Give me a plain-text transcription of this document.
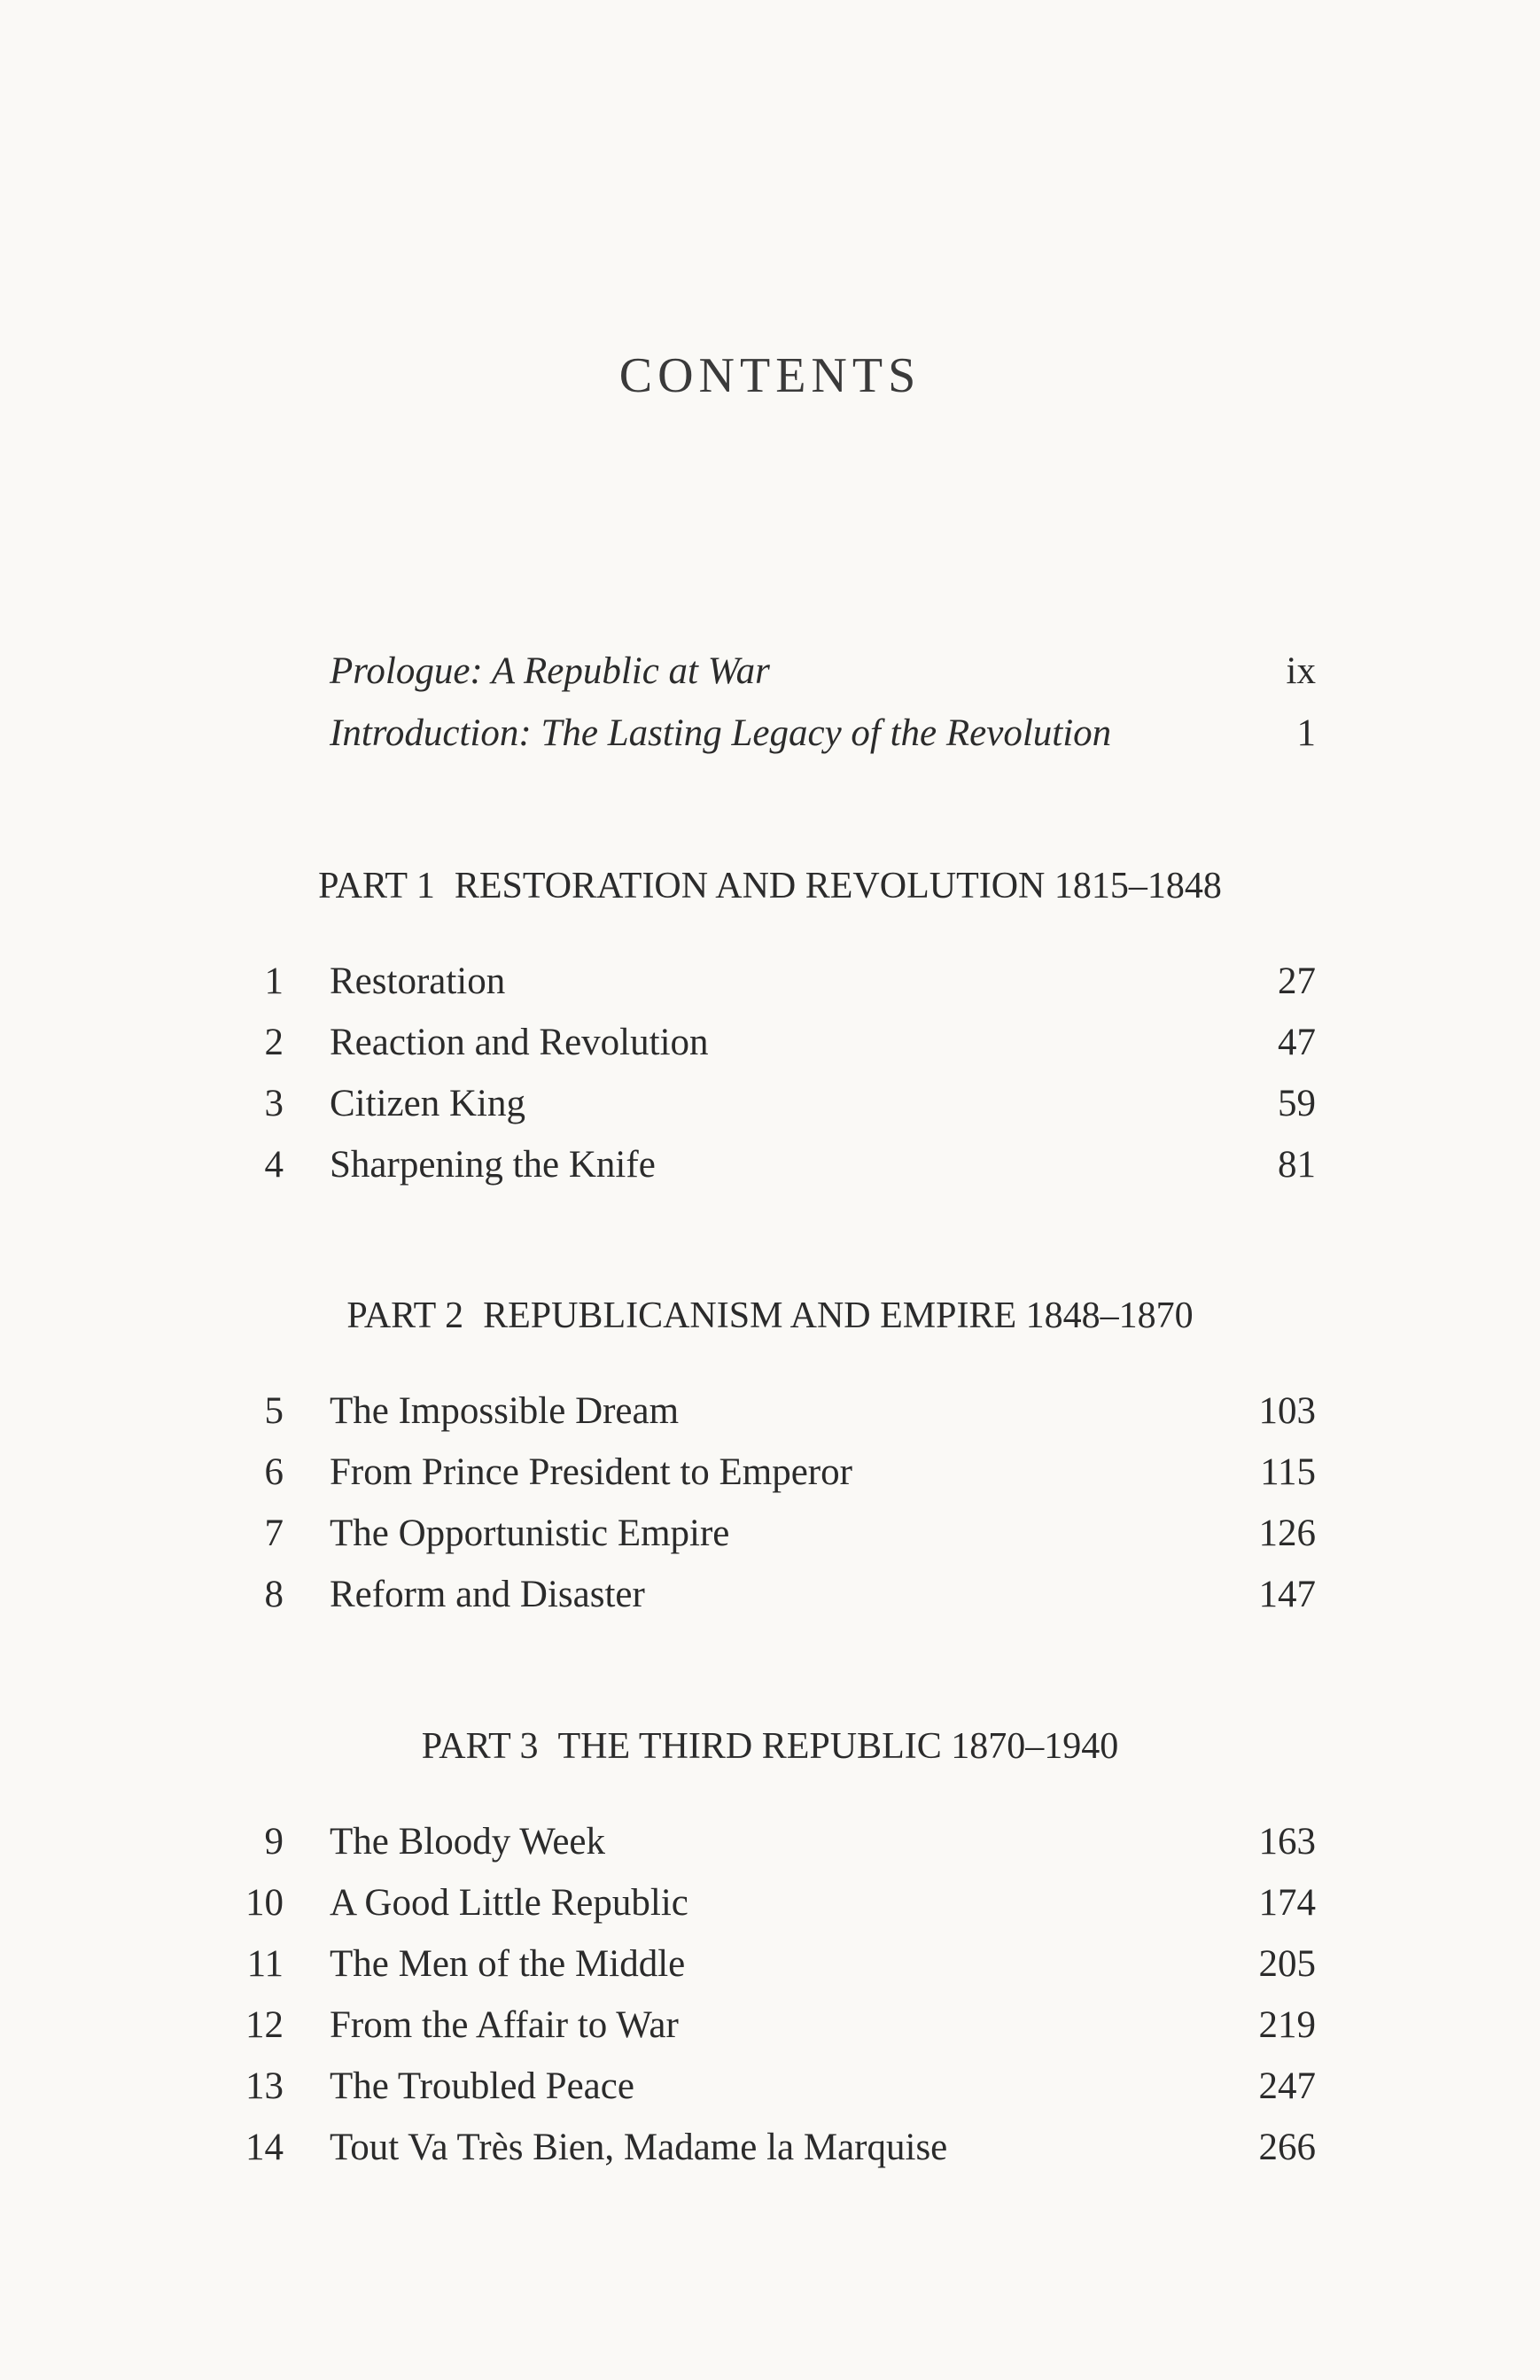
CONTENTS
Prologue: A Republic at War	ix
Introduction: The Lasting Legacy of the Revolution	1
PART 1 RESTORATION AND REVOLUTION 1815–1848
1 Restoration	27
2 Reaction and Revolution	47
3 Citizen King	59
4 Sharpening the Knife	81
PART 2 REPUBLICANISM AND EMPIRE 1848–1870
5 The Impossible Dream	103
6 From Prince President to Emperor	115
7 The Opportunistic Empire	126
8 Reform and Disaster	147
PART 3 THE THIRD REPUBLIC 1870–1940
9 The Bloody Week	163
10 A Good Little Republic	174
11 The Men of the Middle	205
12 From the Affair to War	219
13 The Troubled Peace	247
14 Tout Va Très Bien, Madame la Marquise	266
